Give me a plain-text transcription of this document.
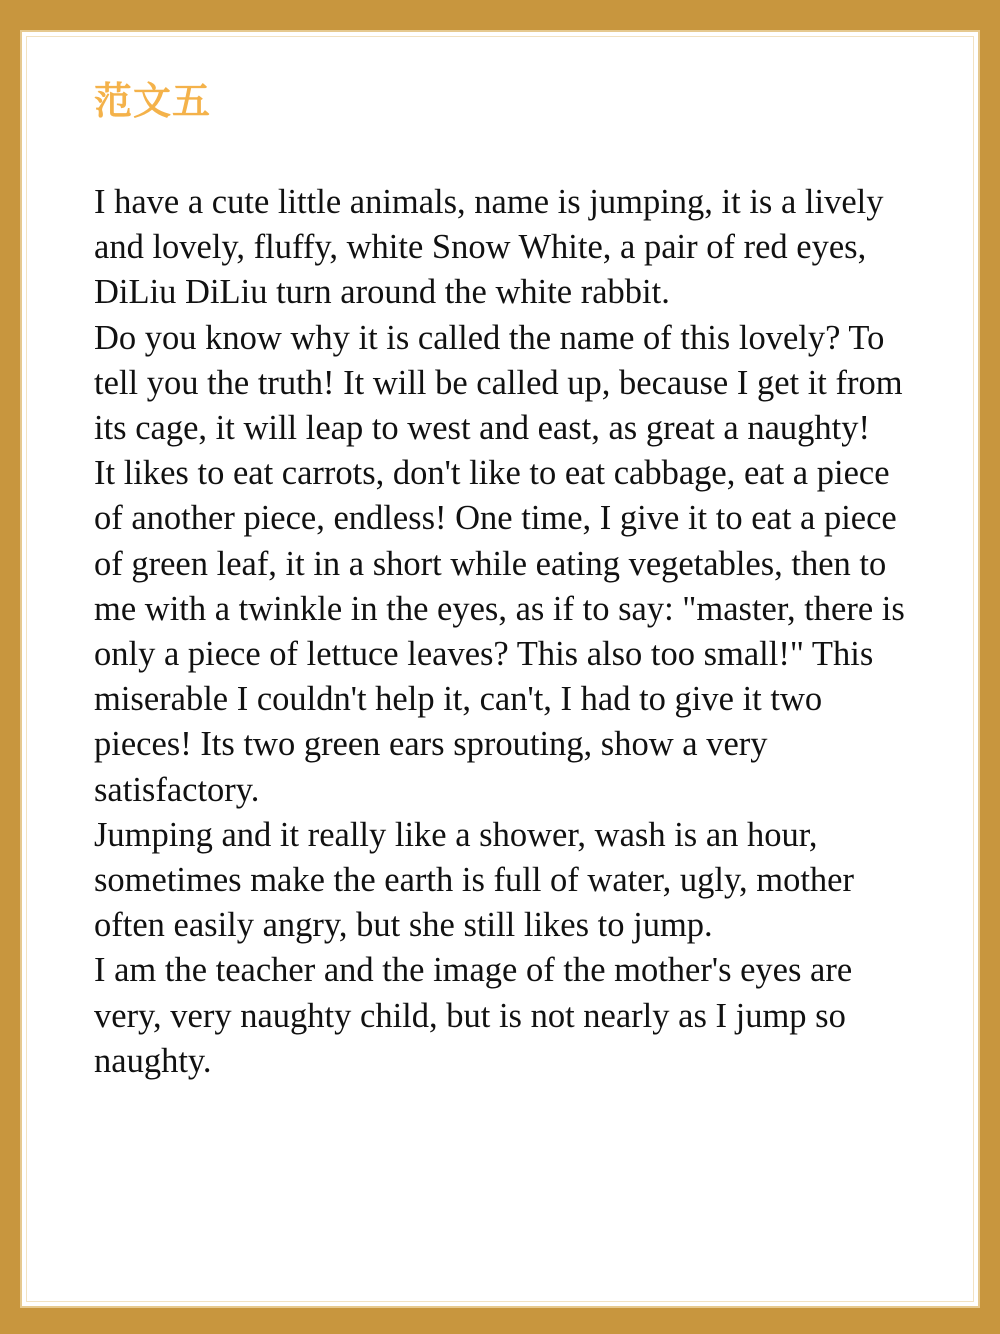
范文五

I have a cute little animals, name is jumping, it is a lively and lovely, fluffy, white Snow White, a pair of red eyes, DiLiu DiLiu turn around the white rabbit.

Do you know why it is called the name of this lovely? To tell you the truth! It will be called up, because I get it from its cage, it will leap to west and east, as great a naughty!

It likes to eat carrots, don't like to eat cabbage, eat a piece of another piece, endless! One time, I give it to eat a piece of green leaf, it in a short while eating vegetables, then to me with a twinkle in the eyes, as if to say: "master, there is only a piece of lettuce leaves? This also too small!" This miserable I couldn't help it, can't, I had to give it two pieces! Its two green ears sprouting, show a very satisfactory.

Jumping and it really like a shower, wash is an hour, sometimes make the earth is full of water, ugly, mother often easily angry, but she still likes to jump.

I am the teacher and the image of the mother's eyes are very, very naughty child, but is not nearly as I jump so naughty.
